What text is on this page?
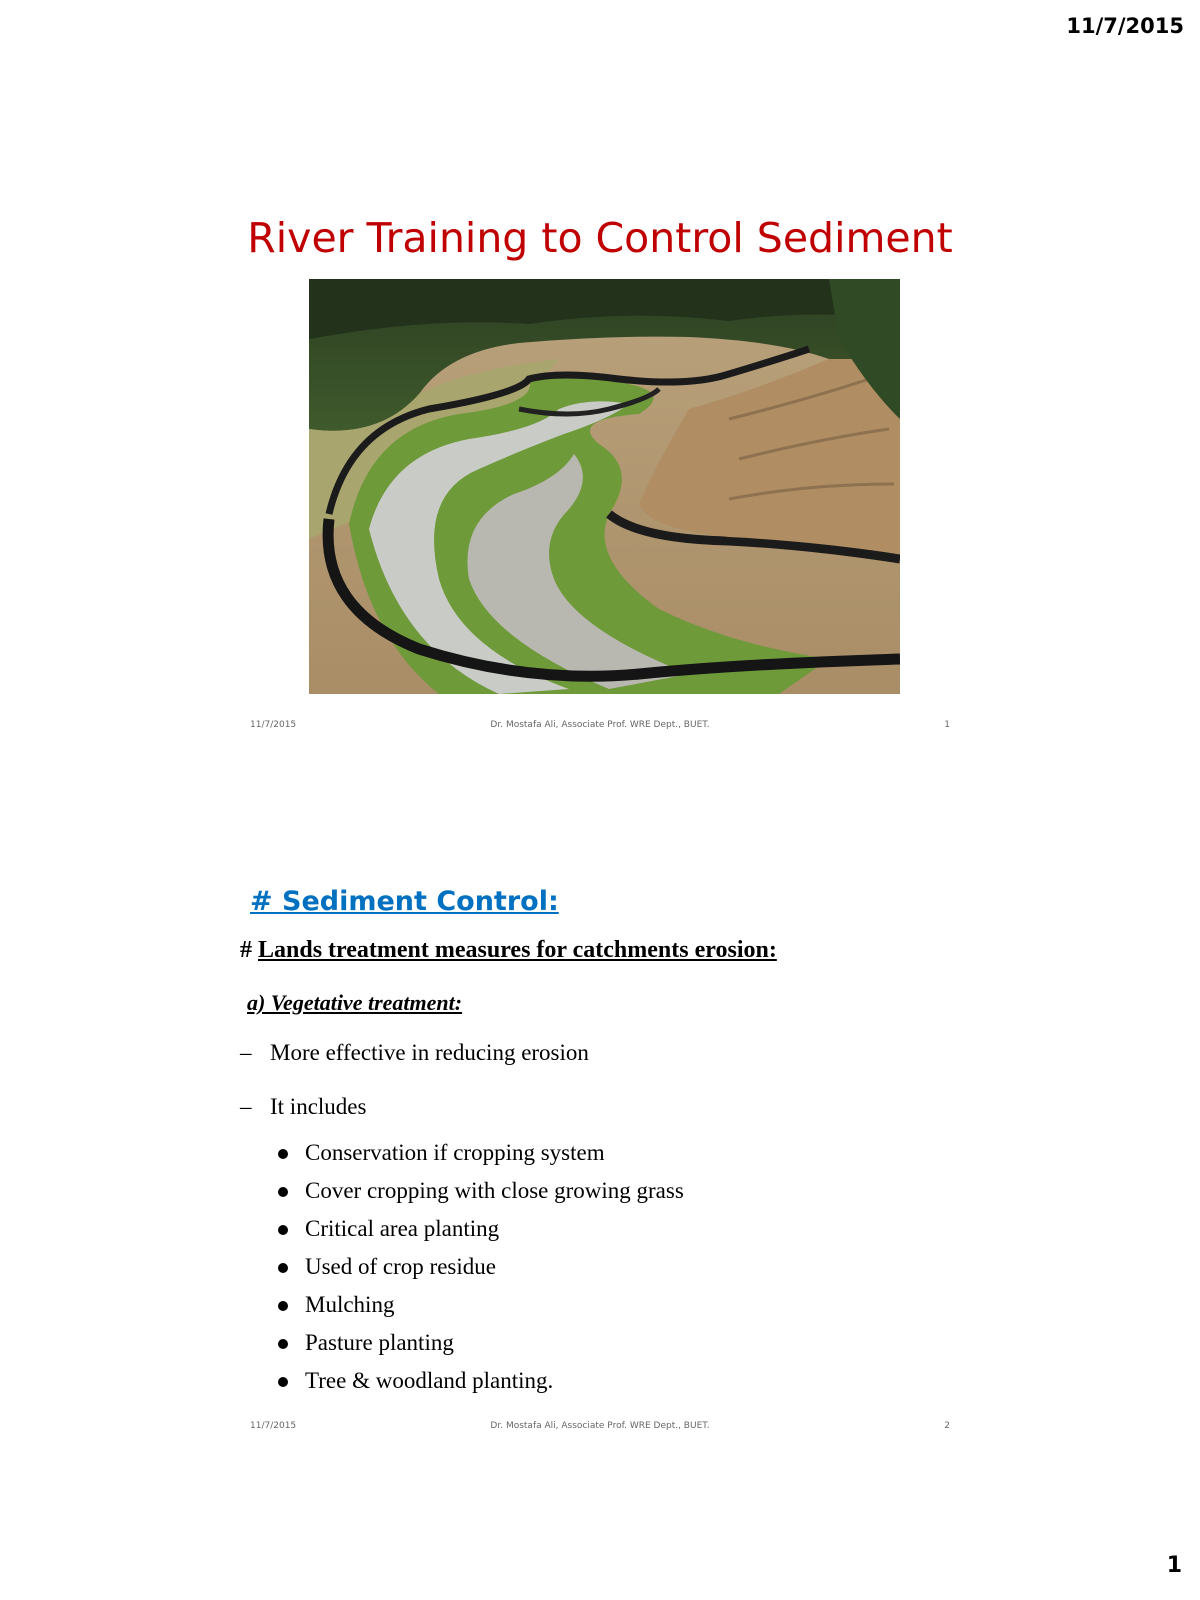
11/7/2015
River Training to Control Sediment
11/7/2015	Dr. Mostafa Ali, Associate Prof. WRE Dept., BUET.	1
# Sediment Control:
# Lands treatment measures for catchments erosion:
a) Vegetative treatment:
– More effective in reducing erosion
– It includes
Conservation if cropping system
Cover cropping with close growing grass
Critical area planting
Used of crop residue
Mulching
Pasture planting
Tree & woodland planting.
11/7/2015	Dr. Mostafa Ali, Associate Prof. WRE Dept., BUET.	2
1
